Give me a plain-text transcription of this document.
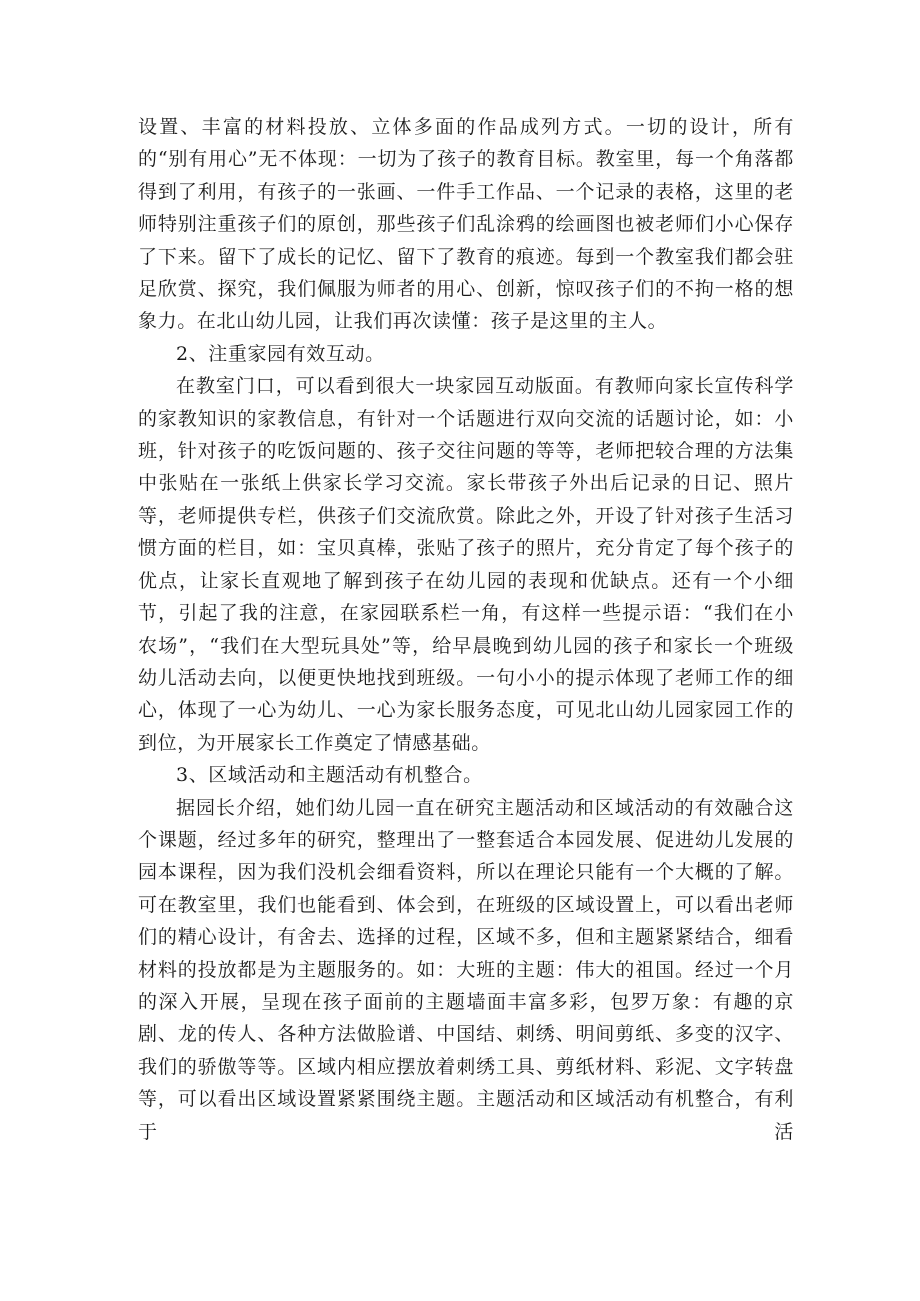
设置、丰富的材料投放、立体多面的作品成列方式。一切的设计，所有的“别有用心”无不体现：一切为了孩子的教育目标。教室里，每一个角落都得到了利用，有孩子的一张画、一件手工作品、一个记录的表格，这里的老师特别注重孩子们的原创，那些孩子们乱涂鸦的绘画图也被老师们小心保存了下来。留下了成长的记忆、留下了教育的痕迹。每到一个教室我们都会驻足欣赏、探究，我们佩服为师者的用心、创新，惊叹孩子们的不拘一格的想象力。在北山幼儿园，让我们再次读懂：孩子是这里的主人。

2、注重家园有效互动。

在教室门口，可以看到很大一块家园互动版面。有教师向家长宣传科学的家教知识的家教信息，有针对一个话题进行双向交流的话题讨论，如：小班，针对孩子的吃饭问题的、孩子交往问题的等等，老师把较合理的方法集中张贴在一张纸上供家长学习交流。家长带孩子外出后记录的日记、照片等，老师提供专栏，供孩子们交流欣赏。除此之外，开设了针对孩子生活习惯方面的栏目，如：宝贝真棒，张贴了孩子的照片，充分肯定了每个孩子的优点，让家长直观地了解到孩子在幼儿园的表现和优缺点。还有一个小细节，引起了我的注意，在家园联系栏一角，有这样一些提示语：“我们在小农场”，“我们在大型玩具处”等，给早晨晚到幼儿园的孩子和家长一个班级幼儿活动去向，以便更快地找到班级。一句小小的提示体现了老师工作的细心，体现了一心为幼儿、一心为家长服务态度，可见北山幼儿园家园工作的到位，为开展家长工作奠定了情感基础。

3、区域活动和主题活动有机整合。

据园长介绍，她们幼儿园一直在研究主题活动和区域活动的有效融合这个课题，经过多年的研究，整理出了一整套适合本园发展、促进幼儿发展的园本课程，因为我们没机会细看资料，所以在理论只能有一个大概的了解。可在教室里，我们也能看到、体会到，在班级的区域设置上，可以看出老师们的精心设计，有舍去、选择的过程，区域不多，但和主题紧紧结合，细看材料的投放都是为主题服务的。如：大班的主题：伟大的祖国。经过一个月的深入开展，呈现在孩子面前的主题墙面丰富多彩，包罗万象：有趣的京剧、龙的传人、各种方法做脸谱、中国结、刺绣、明间剪纸、多变的汉字、我们的骄傲等等。区域内相应摆放着刺绣工具、剪纸材料、彩泥、文字转盘等，可以看出区域设置紧紧围绕主题。主题活动和区域活动有机整合，有利于活
